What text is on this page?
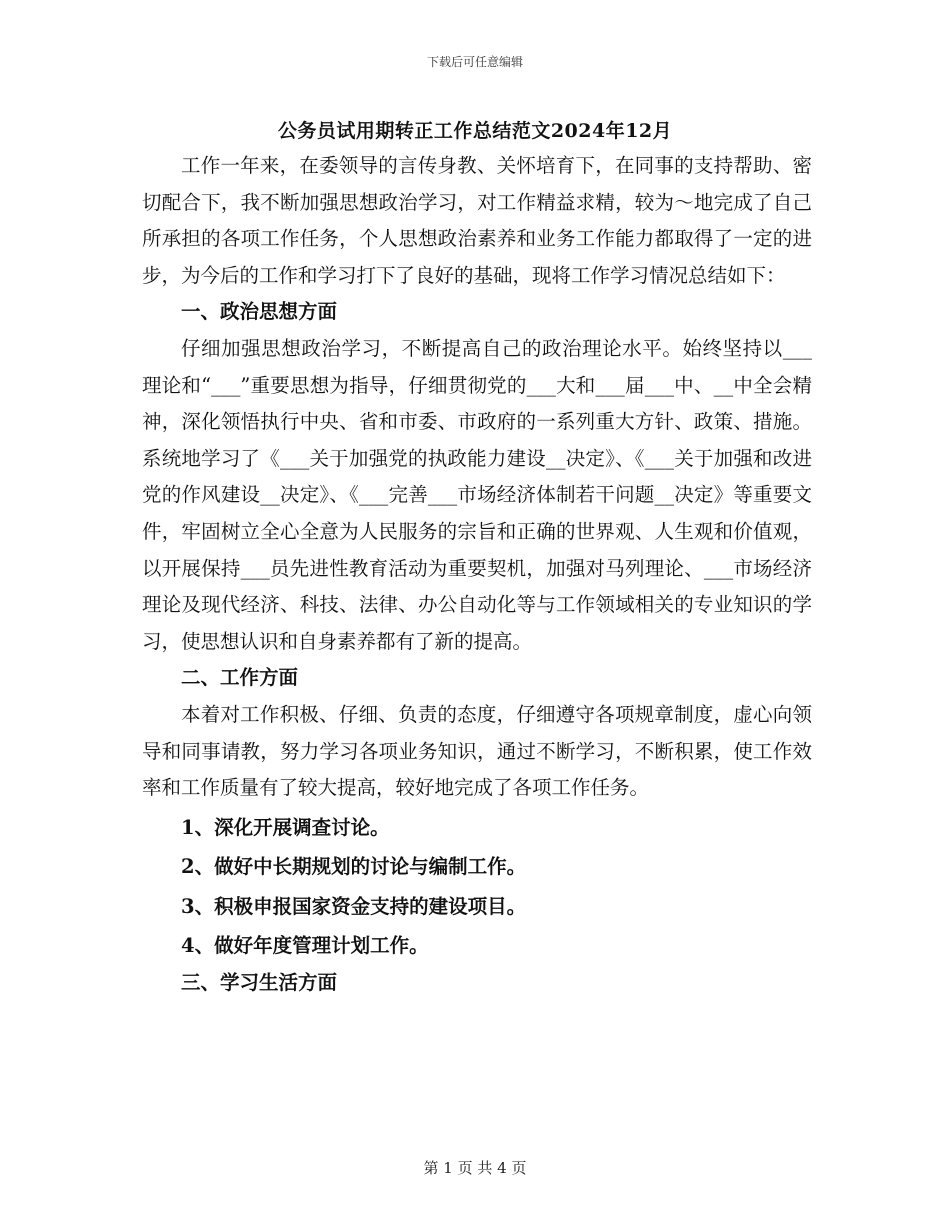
下载后可任意编辑
公务员试用期转正工作总结范文2024年12月

工作一年来，在委领导的言传身教、关怀培育下，在同事的支持帮助、密切配合下，我不断加强思想政治学习，对工作精益求精，较为～地完成了自己所承担的各项工作任务，个人思想政治素养和业务工作能力都取得了一定的进步，为今后的工作和学习打下了良好的基础，现将工作学习情况总结如下：

一、政治思想方面

仔细加强思想政治学习，不断提高自己的政治理论水平。始终坚持以___理论和“___”重要思想为指导，仔细贯彻党的___大和___届___中、__中全会精神，深化领悟执行中央、省和市委、市政府的一系列重大方针、政策、措施。系统地学习了《___关于加强党的执政能力建设__决定》、《___关于加强和改进党的作风建设__决定》、《___完善___市场经济体制若干问题__决定》等重要文件，牢固树立全心全意为人民服务的宗旨和正确的世界观、人生观和价值观，以开展保持___员先进性教育活动为重要契机，加强对马列理论、___市场经济理论及现代经济、科技、法律、办公自动化等与工作领域相关的专业知识的学习，使思想认识和自身素养都有了新的提高。

二、工作方面

本着对工作积极、仔细、负责的态度，仔细遵守各项规章制度，虚心向领导和同事请教，努力学习各项业务知识，通过不断学习，不断积累，使工作效率和工作质量有了较大提高，较好地完成了各项工作任务。

1、深化开展调查讨论。

2、做好中长期规划的讨论与编制工作。

3、积极申报国家资金支持的建设项目。

4、做好年度管理计划工作。

三、学习生活方面

第 1 页 共 4 页
